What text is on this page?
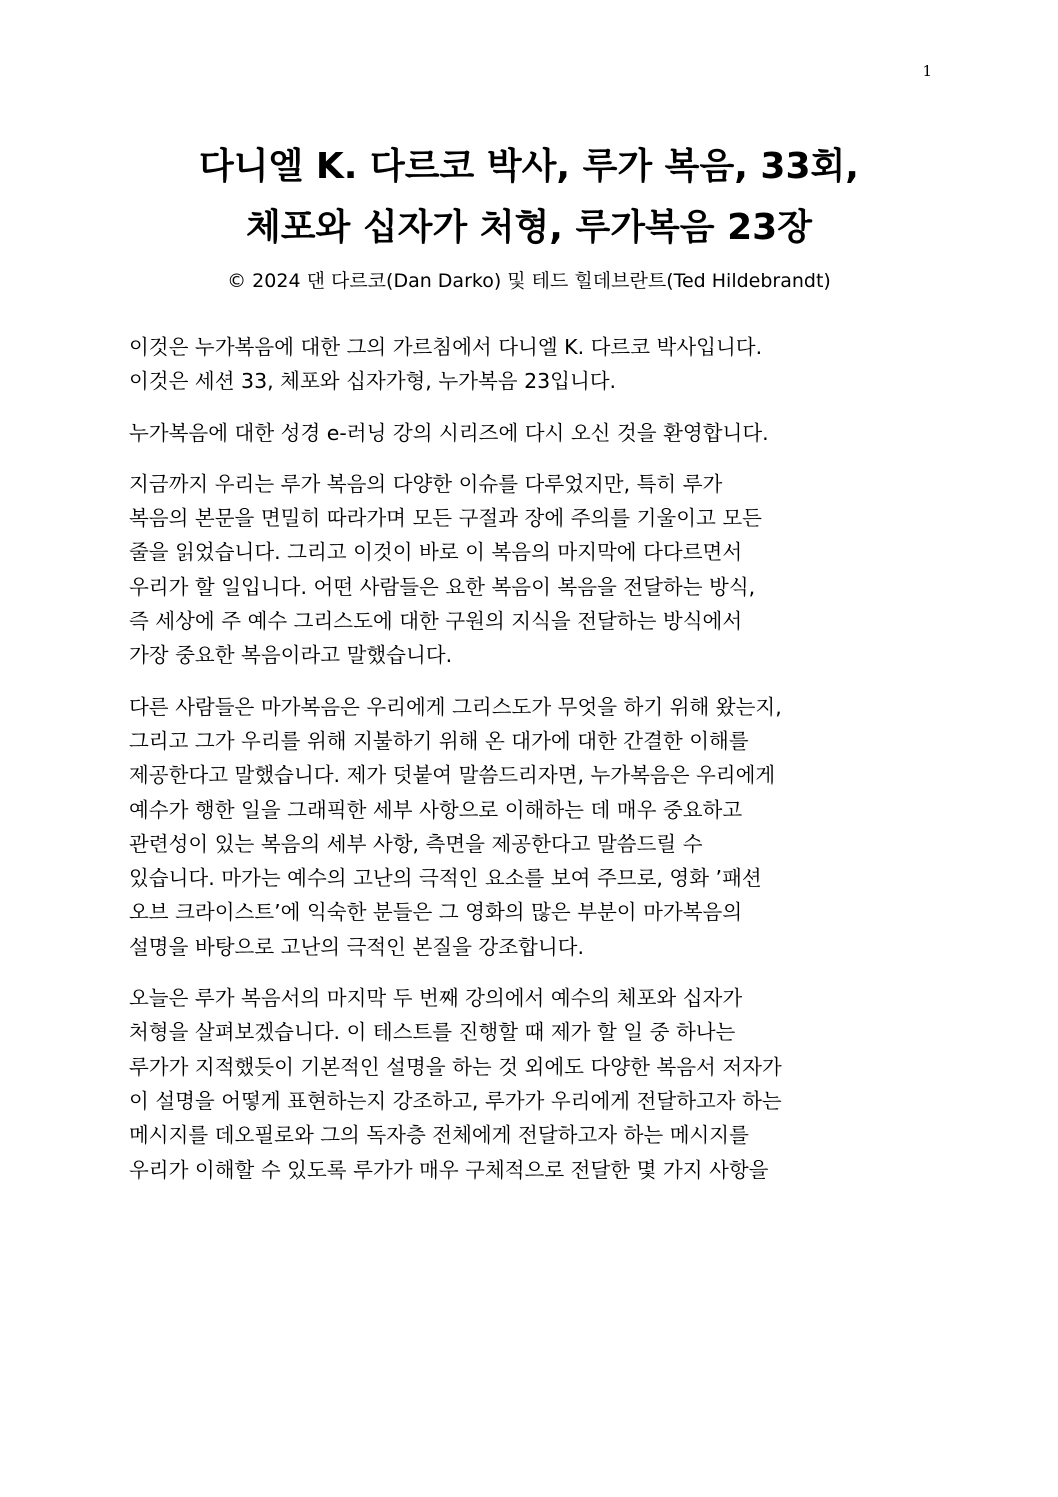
1
다니엘 K. 다르코 박사, 루가 복음, 33회,
체포와 십자가 처형, 루가복음 23장
© 2024 댄 다르코(Dan Darko) 및 테드 힐데브란트(Ted Hildebrandt)

이것은 누가복음에 대한 그의 가르침에서 다니엘 K. 다르코 박사입니다.
이것은 세션 33, 체포와 십자가형, 누가복음 23입니다.

누가복음에 대한 성경 e-러닝 강의 시리즈에 다시 오신 것을 환영합니다.

지금까지 우리는 루가 복음의 다양한 이슈를 다루었지만, 특히 루가
복음의 본문을 면밀히 따라가며 모든 구절과 장에 주의를 기울이고 모든
줄을 읽었습니다. 그리고 이것이 바로 이 복음의 마지막에 다다르면서
우리가 할 일입니다. 어떤 사람들은 요한 복음이 복음을 전달하는 방식,
즉 세상에 주 예수 그리스도에 대한 구원의 지식을 전달하는 방식에서
가장 중요한 복음이라고 말했습니다.

다른 사람들은 마가복음은 우리에게 그리스도가 무엇을 하기 위해 왔는지,
그리고 그가 우리를 위해 지불하기 위해 온 대가에 대한 간결한 이해를
제공한다고 말했습니다. 제가 덧붙여 말씀드리자면, 누가복음은 우리에게
예수가 행한 일을 그래픽한 세부 사항으로 이해하는 데 매우 중요하고
관련성이 있는 복음의 세부 사항, 측면을 제공한다고 말씀드릴 수
있습니다. 마가는 예수의 고난의 극적인 요소를 보여 주므로, 영화 ’패션
오브 크라이스트’에 익숙한 분들은 그 영화의 많은 부분이 마가복음의
설명을 바탕으로 고난의 극적인 본질을 강조합니다.

오늘은 루가 복음서의 마지막 두 번째 강의에서 예수의 체포와 십자가
처형을 살펴보겠습니다. 이 테스트를 진행할 때 제가 할 일 중 하나는
루가가 지적했듯이 기본적인 설명을 하는 것 외에도 다양한 복음서 저자가
이 설명을 어떻게 표현하는지 강조하고, 루가가 우리에게 전달하고자 하는
메시지를 데오필로와 그의 독자층 전체에게 전달하고자 하는 메시지를
우리가 이해할 수 있도록 루가가 매우 구체적으로 전달한 몇 가지 사항을
